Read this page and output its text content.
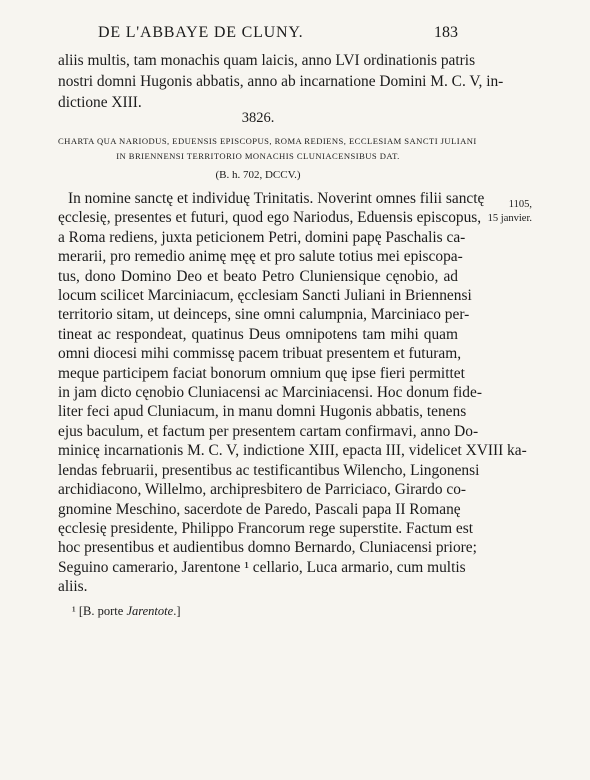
DE L'ABBAYE DE CLUNY.	183
aliis multis, tam monachis quam laicis, anno LVI ordinationis patris
nostri domni Hugonis abbatis, anno ab incarnatione Domini M. C. V, in-
dictione XIII.
3826.
CHARTA QUA NARIODUS, EDUENSIS EPISCOPUS, ROMA REDIENS, ECCLESIAM SANCTI JULIANI
IN BRIENNENSI TERRITORIO MONACHIS CLUNIACENSIBUS DAT.
(B. h. 702, DCCV.)
1105,
15 janvier.
In nomine sanctę et individuę Trinitatis. Noverint omnes filii sanctę
ęcclesię, presentes et futuri, quod ego Nariodus, Eduensis episcopus,
a Roma rediens, juxta peticionem Petri, domini papę Paschalis ca-
merarii, pro remedio animę męę et pro salute totius mei episcopa-
tus, dono Domino Deo et beato Petro Cluniensique cęnobio, ad
locum scilicet Marciniacum, ęcclesiam Sancti Juliani in Briennensi
territorio sitam, ut deinceps, sine omni calumpnia, Marciniaco per-
tineat ac respondeat, quatinus Deus omnipotens tam mihi quam
omni diocesi mihi commissę pacem tribuat presentem et futuram,
meque participem faciat bonorum omnium quę ipse fieri permittet
in jam dicto cęnobio Cluniacensi ac Marciniacensi. Hoc donum fide-
liter feci apud Cluniacum, in manu domni Hugonis abbatis, tenens
ejus baculum, et factum per presentem cartam confirmavi, anno Do-
minicę incarnationis M. C. V, indictione XIII, epacta III, videlicet XVIII ka-
lendas februarii, presentibus ac testificantibus Wilencho, Lingonensi
archidiacono, Willelmo, archipresbitero de Parriciaco, Girardo co-
gnomine Meschino, sacerdote de Paredo, Pascali papa II Romanę
ęcclesię presidente, Philippo Francorum rege superstite. Factum est
hoc presentibus et audientibus domno Bernardo, Cluniacensi priore;
Seguino camerario, Jarentone ¹ cellario, Luca armario, cum multis
aliis.
¹ [B. porte Jarentote.]
